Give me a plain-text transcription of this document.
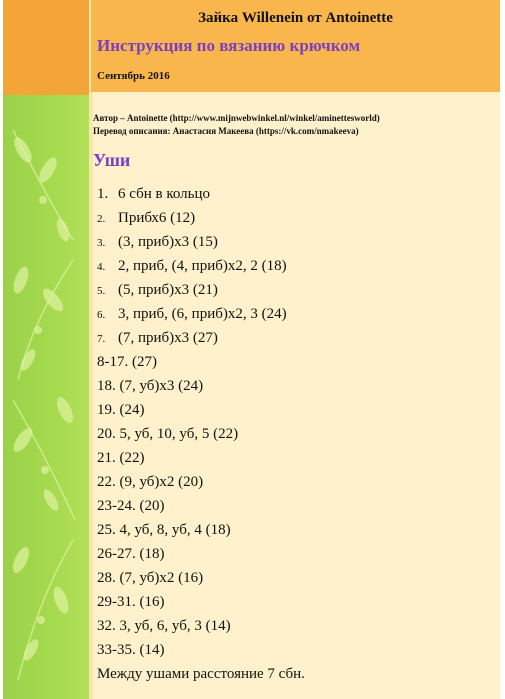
Зайка Willenein от Antoinette
Инструкция по вязанию крючком
Сентябрь 2016
Автор – Antoinette (http://www.mijnwebwinkel.nl/winkel/aminettesworld)
Перевод описания: Анастасия Макеева (https://vk.com/nmakeeva)
Уши
1. 6 сбн в кольцо
2. Прибх6 (12)
3. (3, приб)х3 (15)
4. 2, приб, (4, приб)х2, 2 (18)
5. (5, приб)х3 (21)
6. 3, приб, (6, приб)х2, 3 (24)
7. (7, приб)х3 (27)
8-17. (27)
18. (7, уб)х3 (24)
19. (24)
20. 5, уб, 10, уб, 5 (22)
21. (22)
22. (9, уб)х2 (20)
23-24. (20)
25. 4, уб, 8, уб, 4 (18)
26-27. (18)
28. (7, уб)х2 (16)
29-31. (16)
32. 3, уб, 6, уб, 3 (14)
33-35. (14)
Между ушами расстояние 7 сбн.
